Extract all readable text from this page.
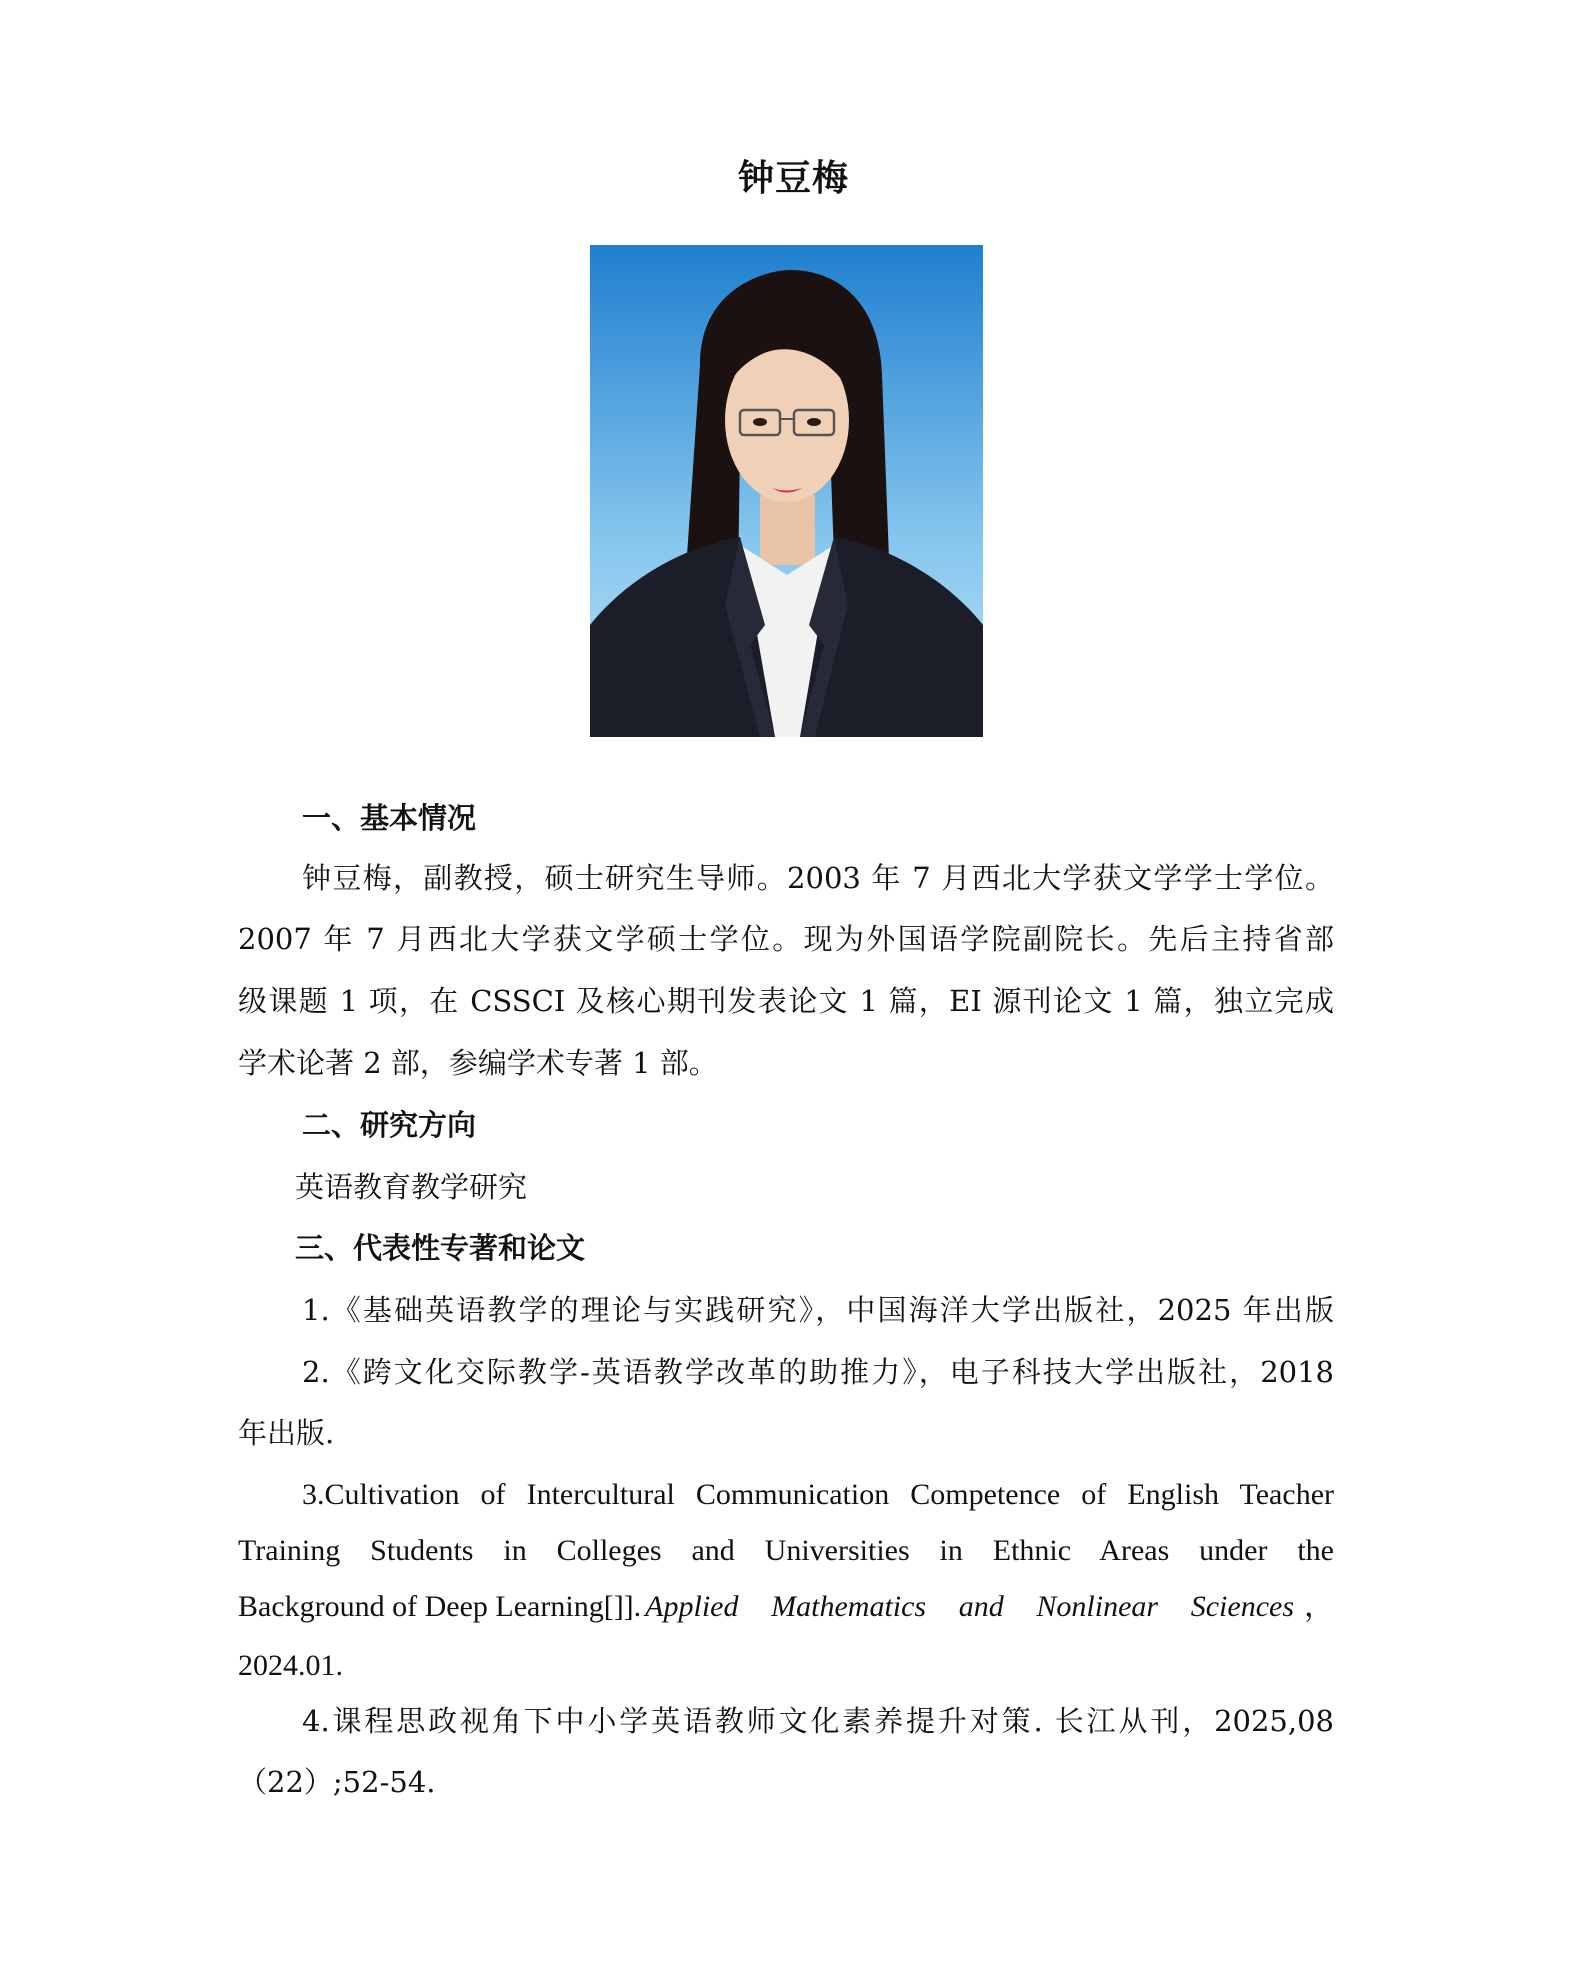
钟豆梅
一、基本情况
钟豆梅，副教授，硕士研究生导师。2003 年 7 月西北大学获文学学士学位。
2007 年 7 月西北大学获文学硕士学位。现为外国语学院副院长。先后主持省部
级课题 1 项，在 CSSCI 及核心期刊发表论文 1 篇，EI 源刊论文 1 篇，独立完成
学术论著 2 部，参编学术专著 1 部。
二、研究方向
英语教育教学研究
三、代表性专著和论文
1.《基础英语教学的理论与实践研究》，中国海洋大学出版社，2025 年出版
2.《跨文化交际教学-英语教学改革的助推力》，电子科技大学出版社，2018
年出版.
3.Cultivation of Intercultural Communication Competence of English Teacher
Training Students in Colleges and Universities in Ethnic Areas under the
Background of Deep Learning[]]. Applied Mathematics and Nonlinear Sciences ，
2024.01.
4.课程思政视角下中小学英语教师文化素养提升对策. 长江从刊，2025,08
（22）;52-54.
